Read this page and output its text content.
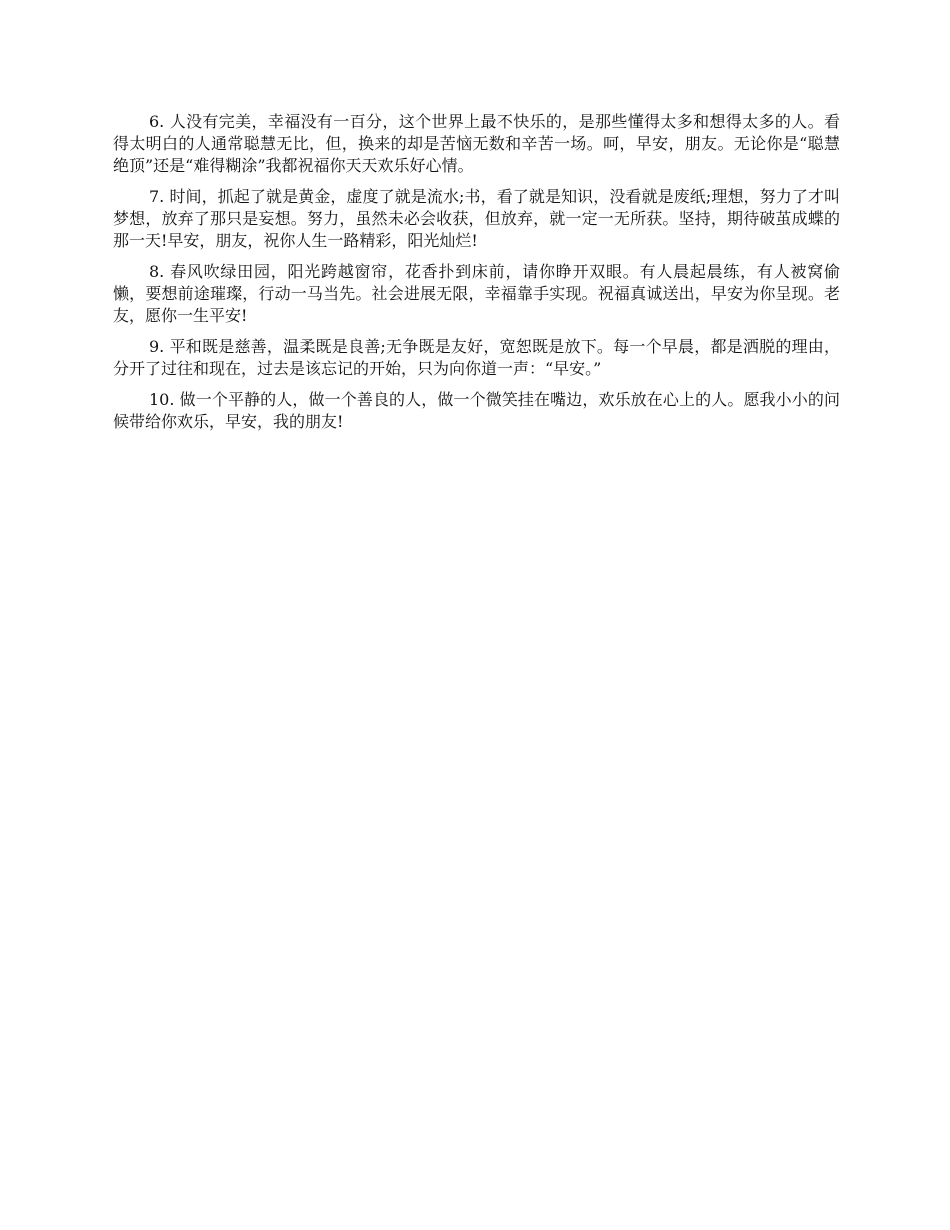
6. 人没有完美，幸福没有一百分，这个世界上最不快乐的，是那些懂得太多和想得太多的人。看得太明白的人通常聪慧无比，但，换来的却是苦恼无数和辛苦一场。呵，早安，朋友。无论你是“聪慧绝顶”还是“难得糊涂”我都祝福你天天欢乐好心情。

7. 时间，抓起了就是黄金，虚度了就是流水;书，看了就是知识，没看就是废纸;理想，努力了才叫梦想，放弃了那只是妄想。努力，虽然未必会收获，但放弃，就一定一无所获。坚持，期待破茧成蝶的那一天!早安，朋友，祝你人生一路精彩，阳光灿烂!

8. 春风吹绿田园，阳光跨越窗帘，花香扑到床前，请你睁开双眼。有人晨起晨练，有人被窝偷懒，要想前途璀璨，行动一马当先。社会进展无限，幸福靠手实现。祝福真诚送出，早安为你呈现。老友，愿你一生平安!

9. 平和既是慈善，温柔既是良善;无争既是友好，宽恕既是放下。每一个早晨，都是洒脱的理由，分开了过往和现在，过去是该忘记的开始，只为向你道一声：“早安。”

10. 做一个平静的人，做一个善良的人，做一个微笑挂在嘴边，欢乐放在心上的人。愿我小小的问候带给你欢乐，早安，我的朋友!
